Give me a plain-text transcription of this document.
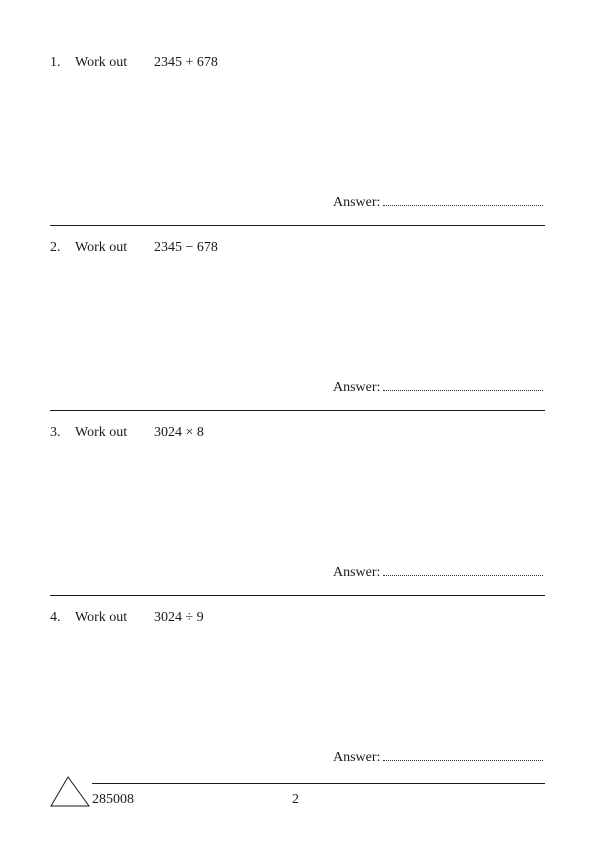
1. Work out 2345 + 678
Answer:
2. Work out 2345 − 678
Answer:
3. Work out 3024 × 8
Answer:
4. Work out 3024 ÷ 9
Answer:
285008	2
